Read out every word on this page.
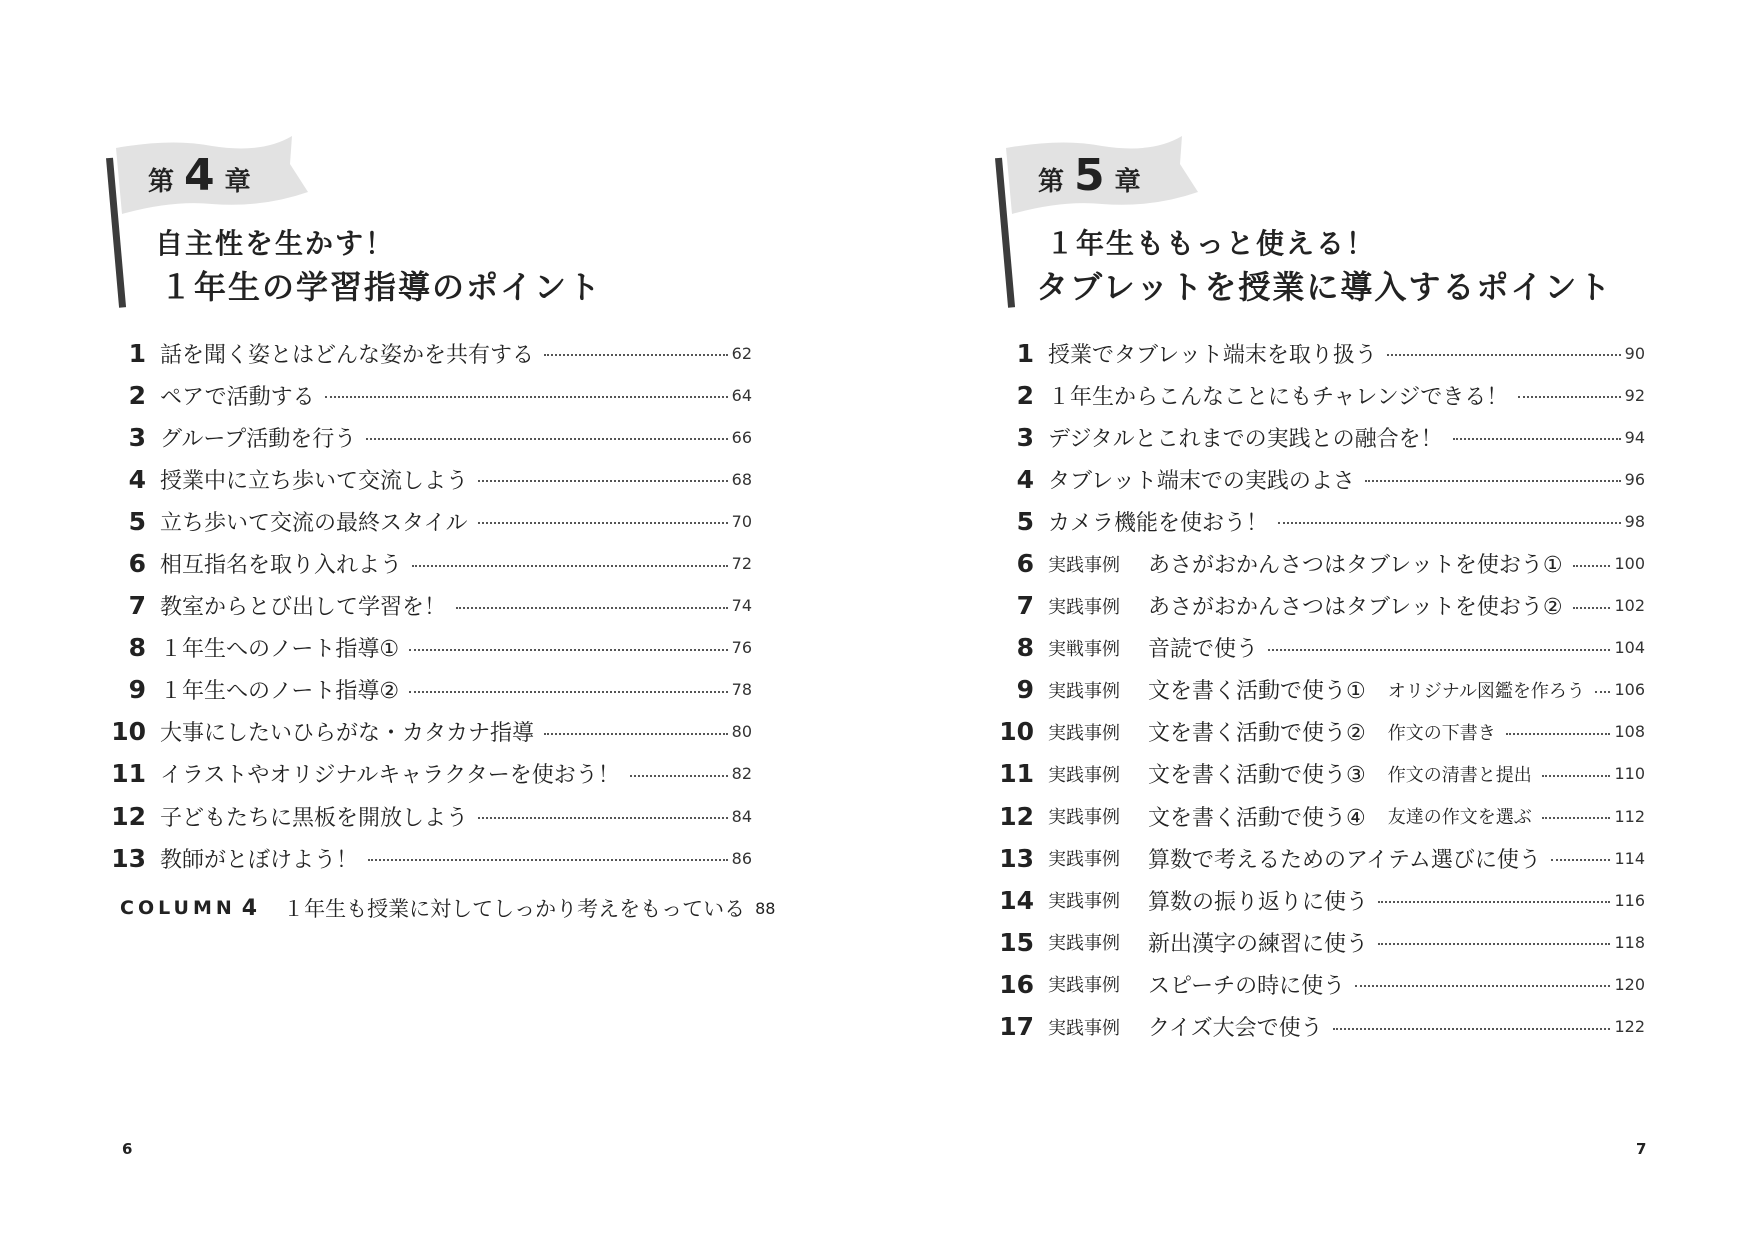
第 4 章
自主性を生かす！
１年生の学習指導のポイント
1 話を聞く姿とはどんな姿かを共有する	62
2 ペアで活動する	64
3 グループ活動を行う	66
4 授業中に立ち歩いて交流しよう	68
5 立ち歩いて交流の最終スタイル	70
6 相互指名を取り入れよう	72
7 教室からとび出して学習を！	74
8 １年生へのノート指導①	76
9 １年生へのノート指導②	78
10 大事にしたいひらがな・カタカナ指導	80
11 イラストやオリジナルキャラクターを使おう！	82
12 子どもたちに黒板を開放しよう	84
13 教師がとぼけよう！	86
COLUMN 4 １年生も授業に対してしっかり考えをもっている 88
6
第 5 章
１年生ももっと使える！
タブレットを授業に導入するポイント
1 授業でタブレット端末を取り扱う	90
2 １年生からこんなことにもチャレンジできる！	92
3 デジタルとこれまでの実践との融合を！	94
4 タブレット端末での実践のよさ	96
5 カメラ機能を使おう！	98
6 実践事例	あさがおかんさつはタブレットを使おう①	100
7 実践事例	あさがおかんさつはタブレットを使おう②	102
8 実戦事例	音読で使う	104
9 実践事例	文を書く活動で使う① オリジナル図鑑を作ろう 106
10 実践事例	文を書く活動で使う② 作文の下書き	108
11 実践事例	文を書く活動で使う③ 作文の清書と提出	110
12 実践事例	文を書く活動で使う④ 友達の作文を選ぶ	112
13 実践事例	算数で考えるためのアイテム選びに使う	114
14 実践事例	算数の振り返りに使う	116
15 実践事例	新出漢字の練習に使う	118
16 実践事例	スピーチの時に使う	120
17 実践事例	クイズ大会で使う	122
7
